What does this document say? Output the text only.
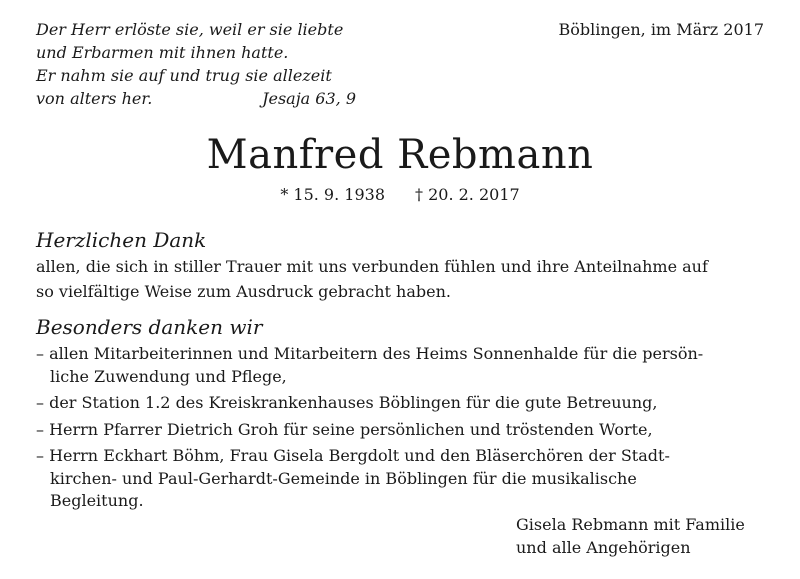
Der Herr erlöste sie, weil er sie liebte
und Erbarmen mit ihnen hatte.
Er nahm sie auf und trug sie allezeit
von alters her.	Jesaja 63, 9
Böblingen, im März 2017
Manfred Rebmann
* 15. 9. 1938 † 20. 2. 2017
Herzlichen Dank
allen, die sich in stiller Trauer mit uns verbunden fühlen und ihre Anteilnahme auf
so vielfältige Weise zum Ausdruck gebracht haben.
Besonders danken wir
– allen Mitarbeiterinnen und Mitarbeitern des Heims Sonnenhalde für die persön-
liche Zuwendung und Pflege,
– der Station 1.2 des Kreiskrankenhauses Böblingen für die gute Betreuung,
– Herrn Pfarrer Dietrich Groh für seine persönlichen und tröstenden Worte,
– Herrn Eckhart Böhm, Frau Gisela Bergdolt und den Bläserchören der Stadt-
kirchen- und Paul-Gerhardt-Gemeinde in Böblingen für die musikalische
Begleitung.
Gisela Rebmann mit Familie
und alle Angehörigen
